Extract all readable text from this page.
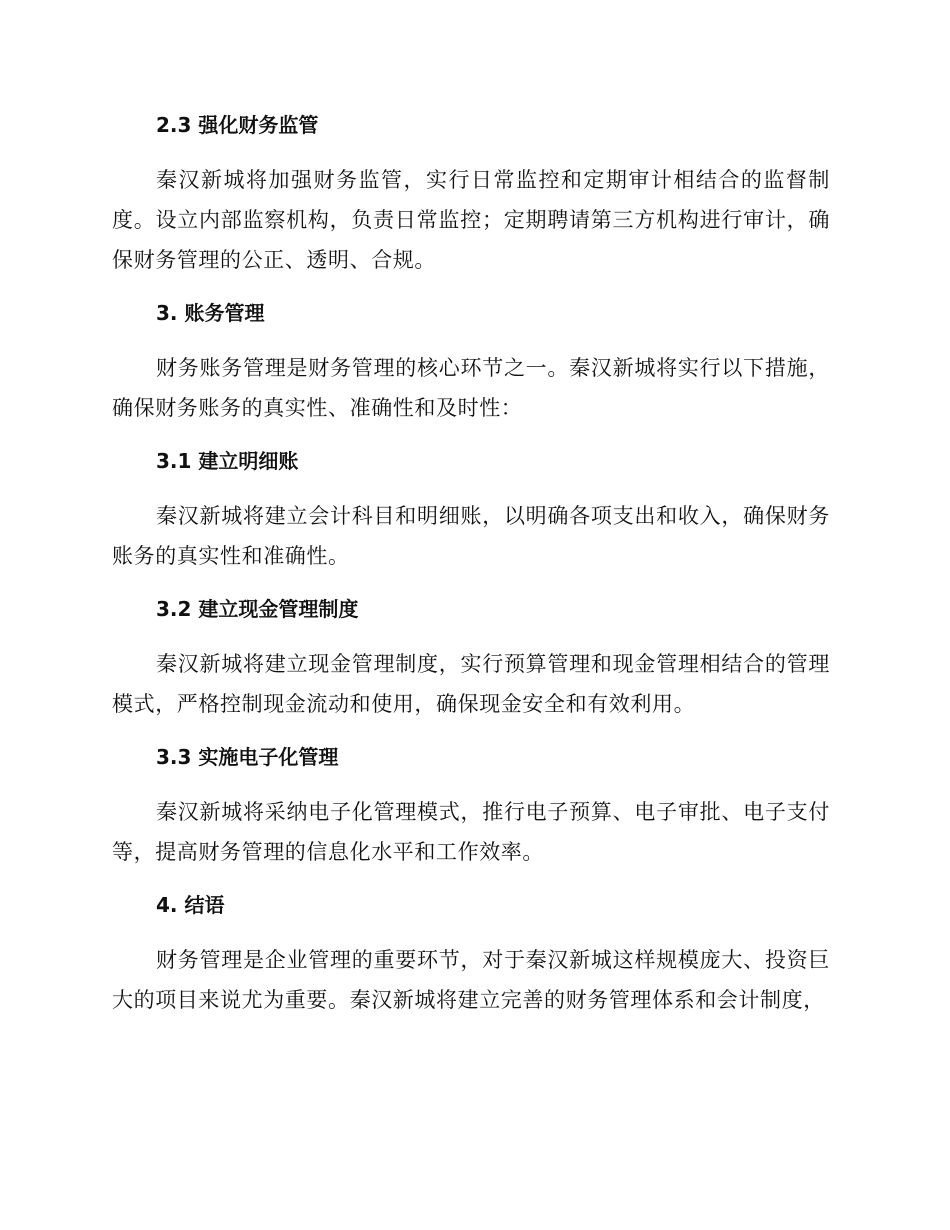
2.3 强化财务监管

秦汉新城将加强财务监管，实行日常监控和定期审计相结合的监督制度。设立内部监察机构，负责日常监控；定期聘请第三方机构进行审计，确保财务管理的公正、透明、合规。

3. 账务管理

财务账务管理是财务管理的核心环节之一。秦汉新城将实行以下措施，确保财务账务的真实性、准确性和及时性：

3.1 建立明细账

秦汉新城将建立会计科目和明细账，以明确各项支出和收入，确保财务账务的真实性和准确性。

3.2 建立现金管理制度

秦汉新城将建立现金管理制度，实行预算管理和现金管理相结合的管理模式，严格控制现金流动和使用，确保现金安全和有效利用。

3.3 实施电子化管理

秦汉新城将采纳电子化管理模式，推行电子预算、电子审批、电子支付等，提高财务管理的信息化水平和工作效率。

4. 结语

财务管理是企业管理的重要环节，对于秦汉新城这样规模庞大、投资巨大的项目来说尤为重要。秦汉新城将建立完善的财务管理体系和会计制度，
